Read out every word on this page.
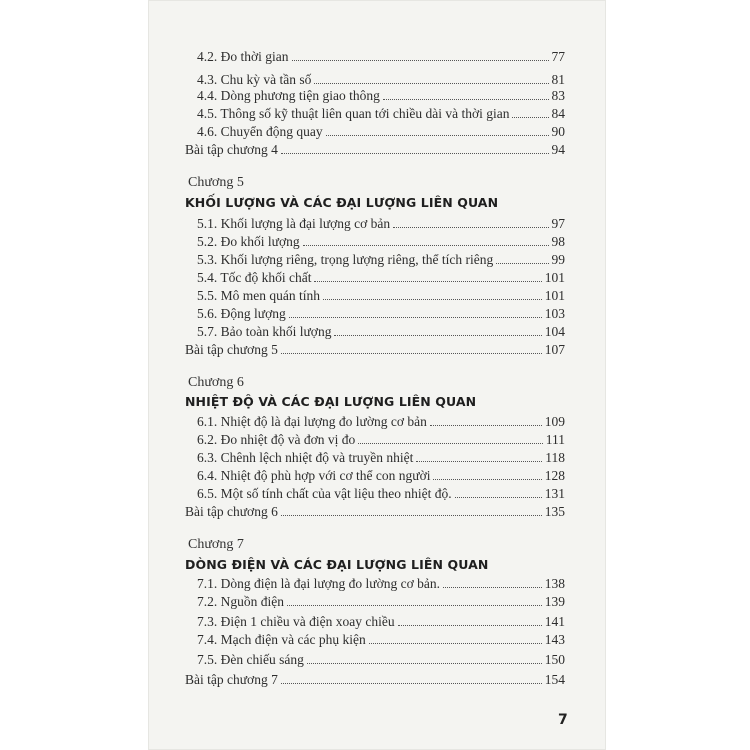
4.2. Đo thời gian	77
4.3. Chu kỳ và tần số	81
4.4. Dòng phương tiện giao thông	83
4.5. Thông số kỹ thuật liên quan tới chiều dài và thời gian	84
4.6. Chuyển động quay	90
Bài tập chương 4	94
Chương 5
KHỐI LƯỢNG VÀ CÁC ĐẠI LƯỢNG LIÊN QUAN
5.1. Khối lượng là đại lượng cơ bản	97
5.2. Đo khối lượng	98
5.3. Khối lượng riêng, trọng lượng riêng, thể tích riêng	99
5.4. Tốc độ khối chất	101
5.5. Mô men quán tính	101
5.6. Động lượng	103
5.7. Bảo toàn khối lượng	104
Bài tập chương 5	107
Chương 6
NHIỆT ĐỘ VÀ CÁC ĐẠI LƯỢNG LIÊN QUAN
6.1. Nhiệt độ là đại lượng đo lường cơ bản	109
6.2. Đo nhiệt độ và đơn vị đo	111
6.3. Chênh lệch nhiệt độ và truyền nhiệt	118
6.4. Nhiệt độ phù hợp với cơ thể con người	128
6.5. Một số tính chất của vật liệu theo nhiệt độ.	131
Bài tập chương 6	135
Chương 7
DÒNG ĐIỆN VÀ CÁC ĐẠI LƯỢNG LIÊN QUAN
7.1. Dòng điện là đại lượng đo lường cơ bản.	138
7.2. Nguồn điện	139
7.3. Điện 1 chiều và điện xoay chiều	141
7.4. Mạch điện và các phụ kiện	143
7.5. Đèn chiếu sáng	150
Bài tập chương 7	154
7
